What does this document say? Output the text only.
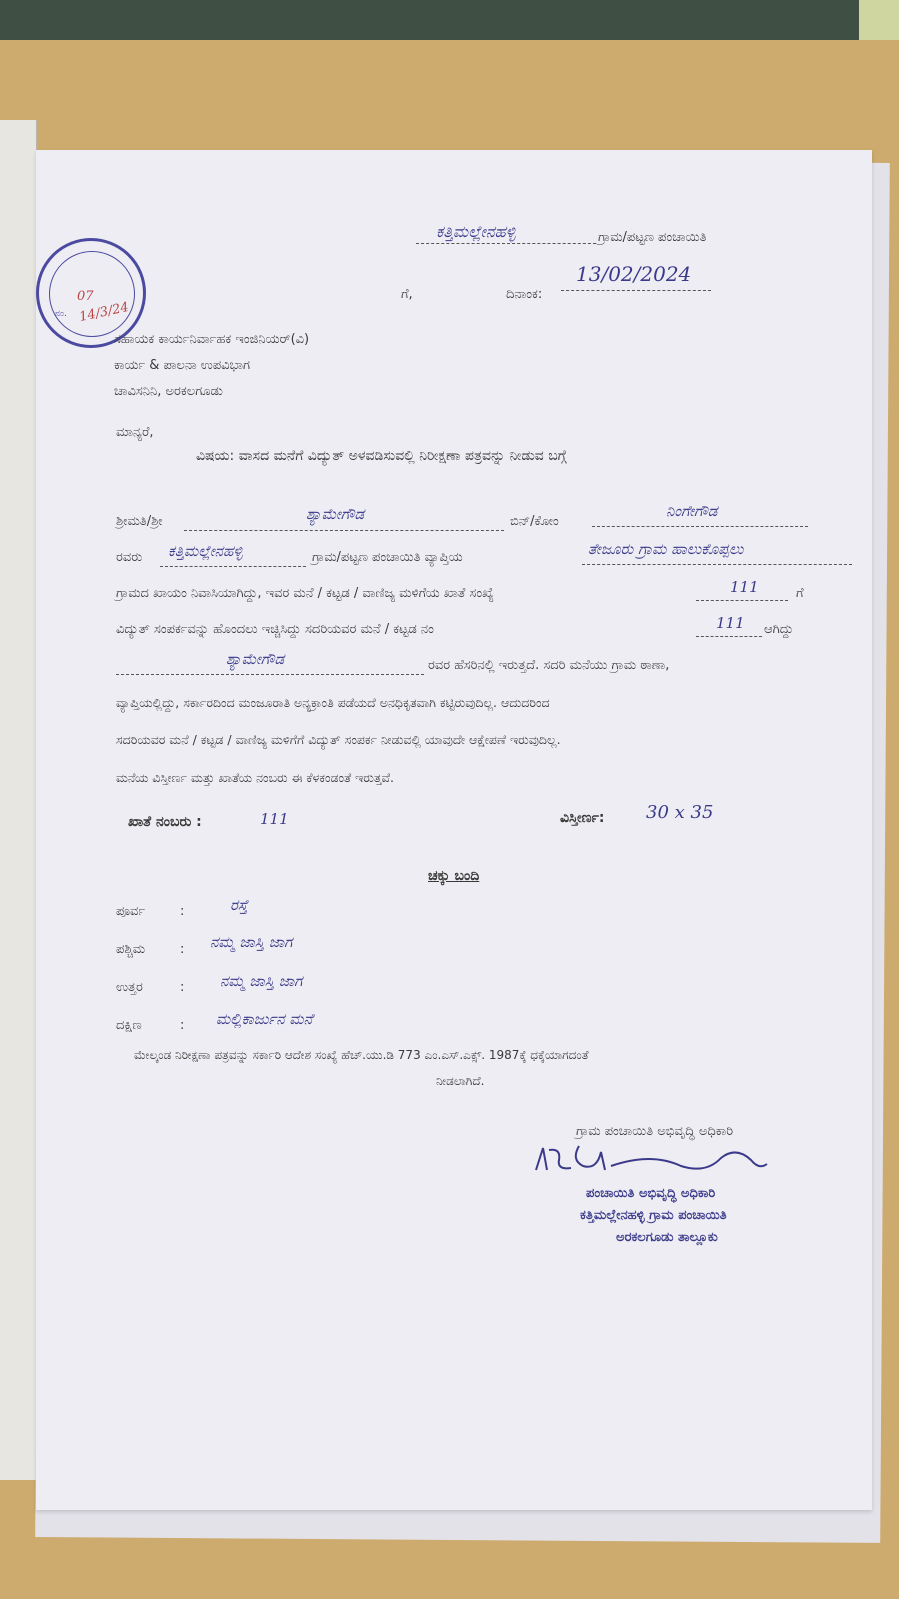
ಕತ್ತಿಮಲ್ಲೇನಹಳ್ಳಿ	ಗ್ರಾಮ/ಪಟ್ಟಣ ಪಂಚಾಯಿತಿ
ಗೆ,	ದಿನಾಂಕ:
13/02/2024
ನಂ.
07
14/3/24
ಸಹಾಯಕ ಕಾರ್ಯನಿರ್ವಾಹಕ ಇಂಜಿನಿಯರ್(ವಿ)
ಕಾರ್ಯ & ಪಾಲನಾ ಉಪವಿಭಾಗ
ಚಾವಿಸನಿನಿ, ಅರಕಲಗೂಡು
ಮಾನ್ಯರೆ,
ವಿಷಯ: ವಾಸದ ಮನೆಗೆ ವಿದ್ಯುತ್ ಅಳವಡಿಸುವಲ್ಲಿ ನಿರೀಕ್ಷಣಾ ಪತ್ರವನ್ನು ನೀಡುವ ಬಗ್ಗೆ
ಶ್ರೀಮತಿ/ಶ್ರೀ	ಶ್ಯಾಮೇಗೌಡ	ಬಿನ್/ಕೋಂ
ನಿಂಗೇಗೌಡ
ರವರು ಕತ್ತಿಮಲ್ಲೇನಹಳ್ಳಿ	ಗ್ರಾಮ/ಪಟ್ಟಣ ಪಂಚಾಯಿತಿ ವ್ಯಾಪ್ತಿಯ	ತೇಜೂರು ಗ್ರಾಮ ಹಾಲುಕೊಪ್ಪಲು
ಗ್ರಾಮದ ಖಾಯಂ ನಿವಾಸಿಯಾಗಿದ್ದು, ಇವರ ಮನೆ / ಕಟ್ಟಡ / ವಾಣಿಜ್ಯ ಮಳಿಗೆಯ ಖಾತೆ ಸಂಖ್ಯೆ	111	ಗೆ
ವಿದ್ಯುತ್ ಸಂಪರ್ಕವನ್ನು ಹೊಂದಲು ಇಚ್ಚಿಸಿದ್ದು ಸದರಿಯವರ ಮನೆ / ಕಟ್ಟಡ ನಂ	111 ಆಗಿದ್ದು
ಶ್ಯಾಮೇಗೌಡ	ರವರ ಹೆಸರಿನಲ್ಲಿ ಇರುತ್ತದೆ. ಸದರಿ ಮನೆಯು ಗ್ರಾಮ ಠಾಣಾ,
ವ್ಯಾಪ್ತಿಯಲ್ಲಿದ್ದು, ಸರ್ಕಾರದಿಂದ ಮಂಜೂರಾತಿ ಅನ್ಯಕ್ರಾಂತಿ ಪಡೆಯದೆ ಅನಧಿಕೃತವಾಗಿ ಕಟ್ಟಿರುವುದಿಲ್ಲ. ಆದುದರಿಂದ
ಸದರಿಯವರ ಮನೆ / ಕಟ್ಟಡ / ವಾಣಿಜ್ಯ ಮಳಿಗೆಗೆ ವಿದ್ಯುತ್ ಸಂಪರ್ಕ ನೀಡುವಲ್ಲಿ ಯಾವುದೇ ಆಕ್ಷೇಪಣೆ ಇರುವುದಿಲ್ಲ.
ಮನೆಯ ವಿಸ್ತೀರ್ಣ ಮತ್ತು ಖಾತೆಯ ನಂಬರು ಈ ಕೆಳಕಂಡಂತೆ ಇರುತ್ತವೆ.
ಖಾತೆ ನಂಬರು :	111	ವಿಸ್ತೀರ್ಣ: 30 x 35
ಚಕ್ಕು ಬಂದಿ
ಪೂರ್ವ	:	ರಸ್ತೆ
ಪಶ್ಚಿಮ	: ನಮ್ಮ ಜಾಸ್ತಿ ಜಾಗ
ಉತ್ತರ	: ನಮ್ಮ ಜಾಸ್ತಿ ಜಾಗ
ದಕ್ಷಿಣ	: ಮಲ್ಲಿಕಾರ್ಜುನ ಮನೆ
ಮೇಲ್ಕಂಡ ನಿರೀಕ್ಷಣಾ ಪತ್ರವನ್ನು ಸರ್ಕಾರಿ ಆದೇಶ ಸಂಖ್ಯೆ ಹೆಚ್.ಯು.ಡಿ 773 ಎಂ.ಎಸ್.ಎಕ್ಸ್. 1987ಕ್ಕೆ ಧಕ್ಕೆಯಾಗದಂತೆ
ನೀಡಲಾಗಿದೆ.
ಗ್ರಾಮ ಪಂಚಾಯಿತಿ ಅಭಿವೃದ್ಧಿ ಅಧಿಕಾರಿ
ಪಂಚಾಯಿತಿ ಅಭಿವೃದ್ಧಿ ಅಧಿಕಾರಿ
ಕತ್ತಿಮಲ್ಲೇನಹಳ್ಳಿ ಗ್ರಾಮ ಪಂಚಾಯಿತಿ
ಅರಕಲಗೂಡು ತಾಲ್ಲೂಕು
